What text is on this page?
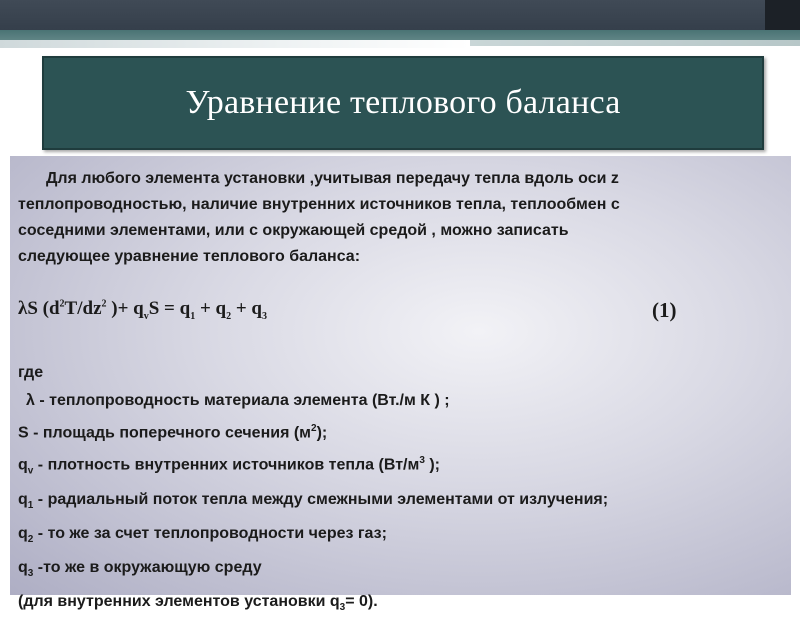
Уравнение теплового баланса
Для любого элемента установки ,учитывая передачу тепла вдоль оси z
теплопроводностью, наличие внутренних источников тепла, теплообмен с
соседними элементами, или с окружающей средой , можно записать
следующее уравнение теплового баланса:
λS ($d^2T/dz^2$ )+ $q_vS = q_1 + q_2 + q_3$	(1)
где
λ - теплопроводность материала элемента (Вт./м К ) ;
S - площадь поперечного сечения $(м^2)$;
$q_v$ - плотность внутренних источников тепла ($Вт/м^3$ );
$q_1$ - радиальный поток тепла между смежными элементами от излучения;
$q_2$ - то же за счет теплопроводности через газ;
$q_3$ -то же в окружающую среду
(для внутренних элементов установки $q_3= 0$).
